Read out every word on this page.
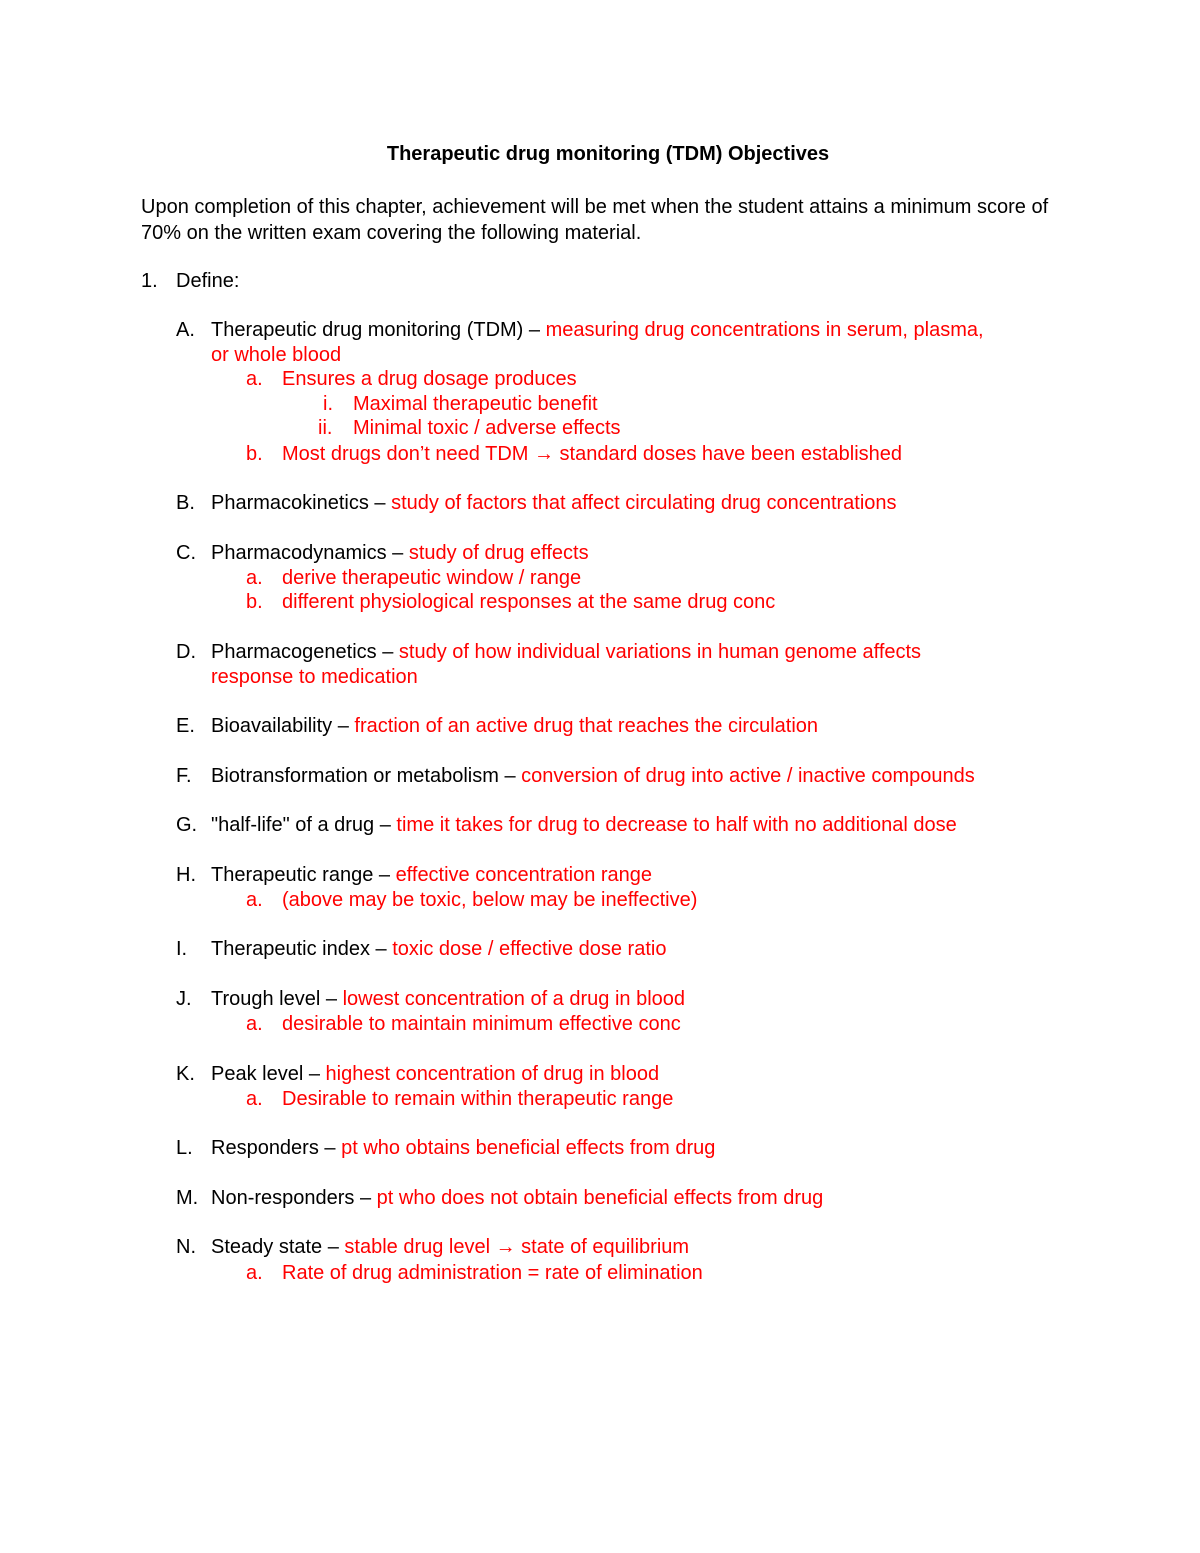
Therapeutic drug monitoring (TDM) Objectives
Upon completion of this chapter, achievement will be met when the student attains a minimum score of 70% on the written exam covering the following material.
1. Define:
A. Therapeutic drug monitoring (TDM) – measuring drug concentrations in serum, plasma,
or whole blood
a. Ensures a drug dosage produces
i. Maximal therapeutic benefit
ii. Minimal toxic / adverse effects
b. Most drugs don’t need TDM → standard doses have been established
B. Pharmacokinetics – study of factors that affect circulating drug concentrations
C. Pharmacodynamics – study of drug effects
a. derive therapeutic window / range
b. different physiological responses at the same drug conc
D. Pharmacogenetics – study of how individual variations in human genome affects
response to medication
E. Bioavailability – fraction of an active drug that reaches the circulation
F. Biotransformation or metabolism – conversion of drug into active / inactive compounds
G. "half-life" of a drug – time it takes for drug to decrease to half with no additional dose
H. Therapeutic range – effective concentration range
a. (above may be toxic, below may be ineffective)
I. Therapeutic index – toxic dose / effective dose ratio
J. Trough level – lowest concentration of a drug in blood
a. desirable to maintain minimum effective conc
K. Peak level – highest concentration of drug in blood
a. Desirable to remain within therapeutic range
L. Responders – pt who obtains beneficial effects from drug
M. Non-responders – pt who does not obtain beneficial effects from drug
N. Steady state – stable drug level → state of equilibrium
a. Rate of drug administration = rate of elimination
